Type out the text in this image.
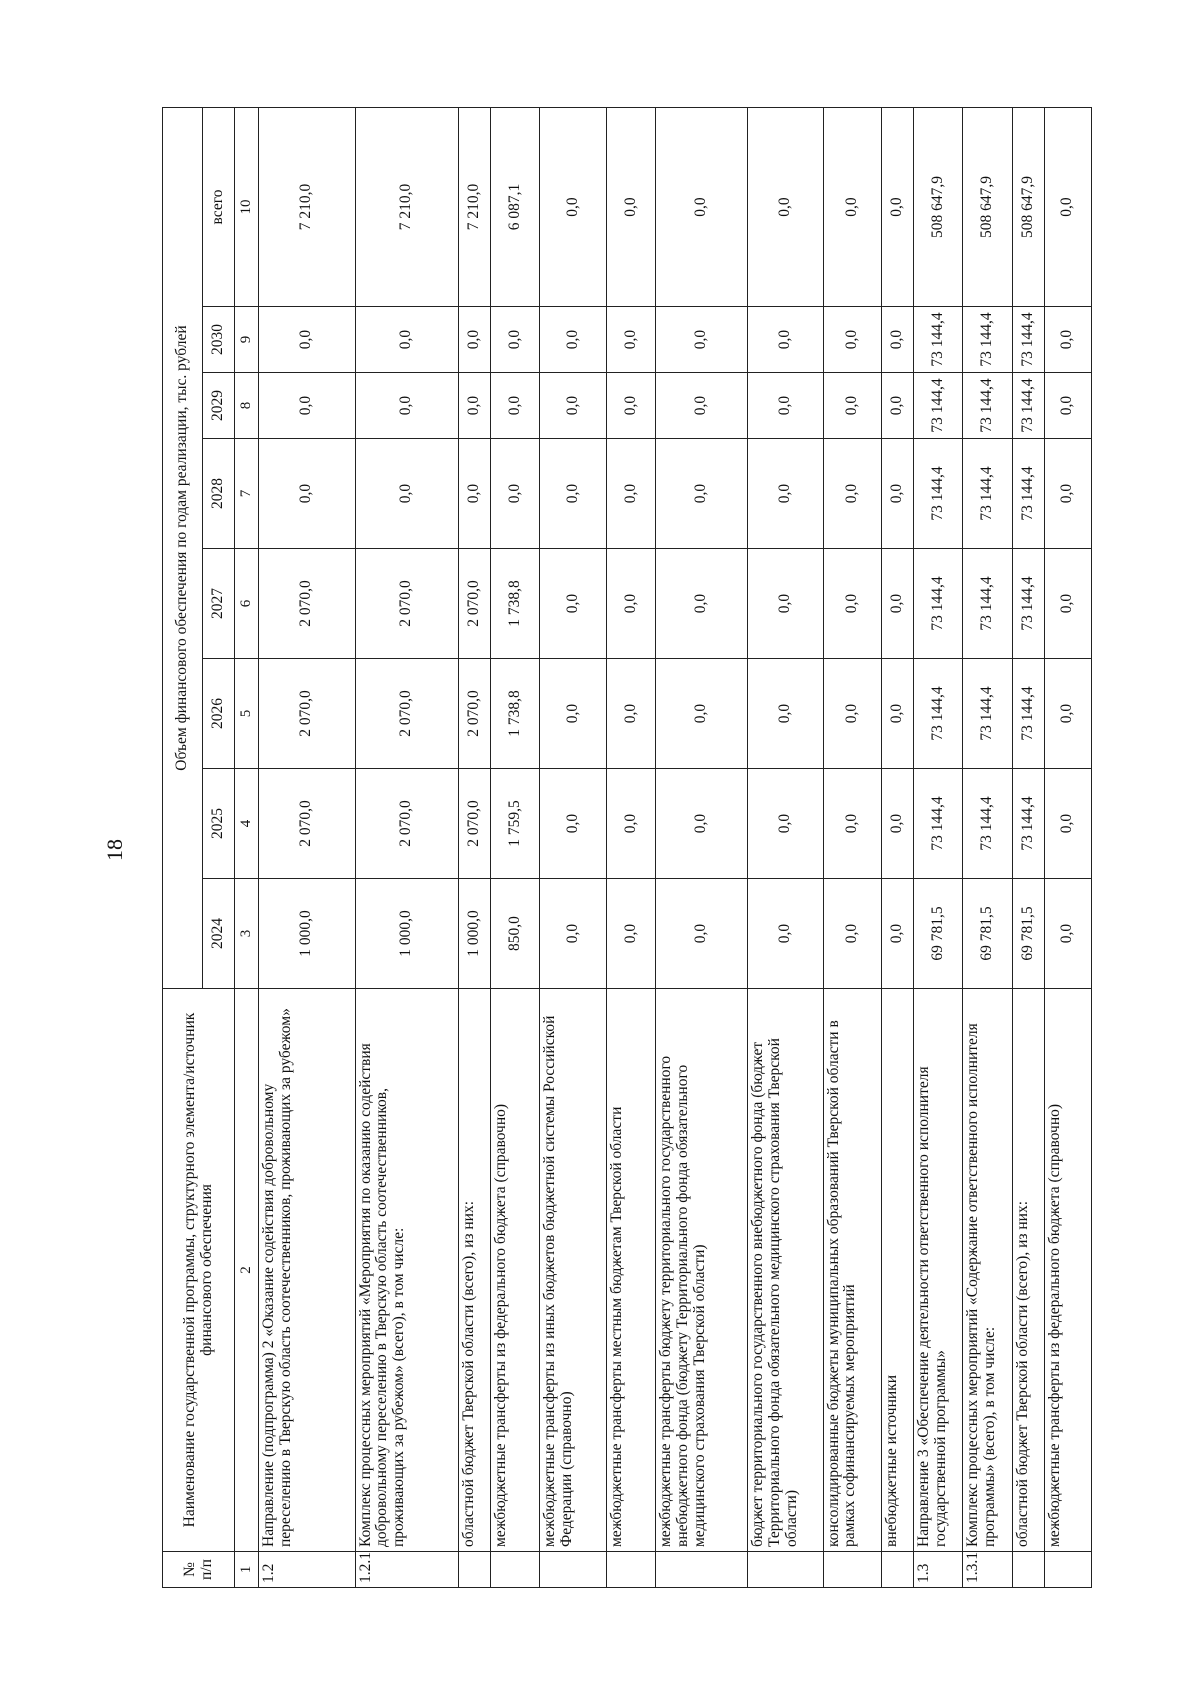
18
№ п/п	Наименование государственной программы, структурного элемента/источник финансового обеспечения	Объем финансового обеспечения по годам реализации, тыс. рублей							
		2024	2025	2026	2027	2028	2029	2030	всего
1	2	3	4	5	6	7	8	9	10
1.2	Направление (подпрограмма) 2 «Оказание содействия добровольному переселению в Тверскую область соотечественников, проживающих за рубежом»	1 000,0	2 070,0	2 070,0	2 070,0	0,0	0,0	0,0	7 210,0
1.2.1	Комплекс процессных мероприятий «Мероприятия по оказанию содействия добровольному переселению в Тверскую область соотечественников, проживающих за рубежом» (всего), в том числе:	1 000,0	2 070,0	2 070,0	2 070,0	0,0	0,0	0,0	7 210,0
	областной бюджет Тверской области (всего), из них:	1 000,0	2 070,0	2 070,0	2 070,0	0,0	0,0	0,0	7 210,0
	межбюджетные трансферты из федерального бюджета (справочно)	850,0	1 759,5	1 738,8	1 738,8	0,0	0,0	0,0	6 087,1
	межбюджетные трансферты из иных бюджетов бюджетной системы Российской Федерации (справочно)	0,0	0,0	0,0	0,0	0,0	0,0	0,0	0,0
	межбюджетные трансферты местным бюджетам Тверской области	0,0	0,0	0,0	0,0	0,0	0,0	0,0	0,0
	межбюджетные трансферты бюджету территориального государственного внебюджетного фонда (бюджету Территориального фонда обязательного медицинского страхования Тверской области)	0,0	0,0	0,0	0,0	0,0	0,0	0,0	0,0
	бюджет территориального государственного внебюджетного фонда (бюджет Территориального фонда обязательного медицинского страхования Тверской области)	0,0	0,0	0,0	0,0	0,0	0,0	0,0	0,0
	консолидированные бюджеты муниципальных образований Тверской области в рамках софинансируемых мероприятий	0,0	0,0	0,0	0,0	0,0	0,0	0,0	0,0
	внебюджетные источники	0,0	0,0	0,0	0,0	0,0	0,0	0,0	0,0
1.3	Направление 3 «Обеспечение деятельности ответственного исполнителя государственной программы»	69 781,5	73 144,4	73 144,4	73 144,4	73 144,4	73 144,4	73 144,4	508 647,9
1.3.1	Комплекс процессных мероприятий «Содержание ответственного исполнителя программы» (всего), в том числе:	69 781,5	73 144,4	73 144,4	73 144,4	73 144,4	73 144,4	73 144,4	508 647,9
	областной бюджет Тверской области (всего), из них:	69 781,5	73 144,4	73 144,4	73 144,4	73 144,4	73 144,4	73 144,4	508 647,9
	межбюджетные трансферты из федерального бюджета (справочно)	0,0	0,0	0,0	0,0	0,0	0,0	0,0	0,0
